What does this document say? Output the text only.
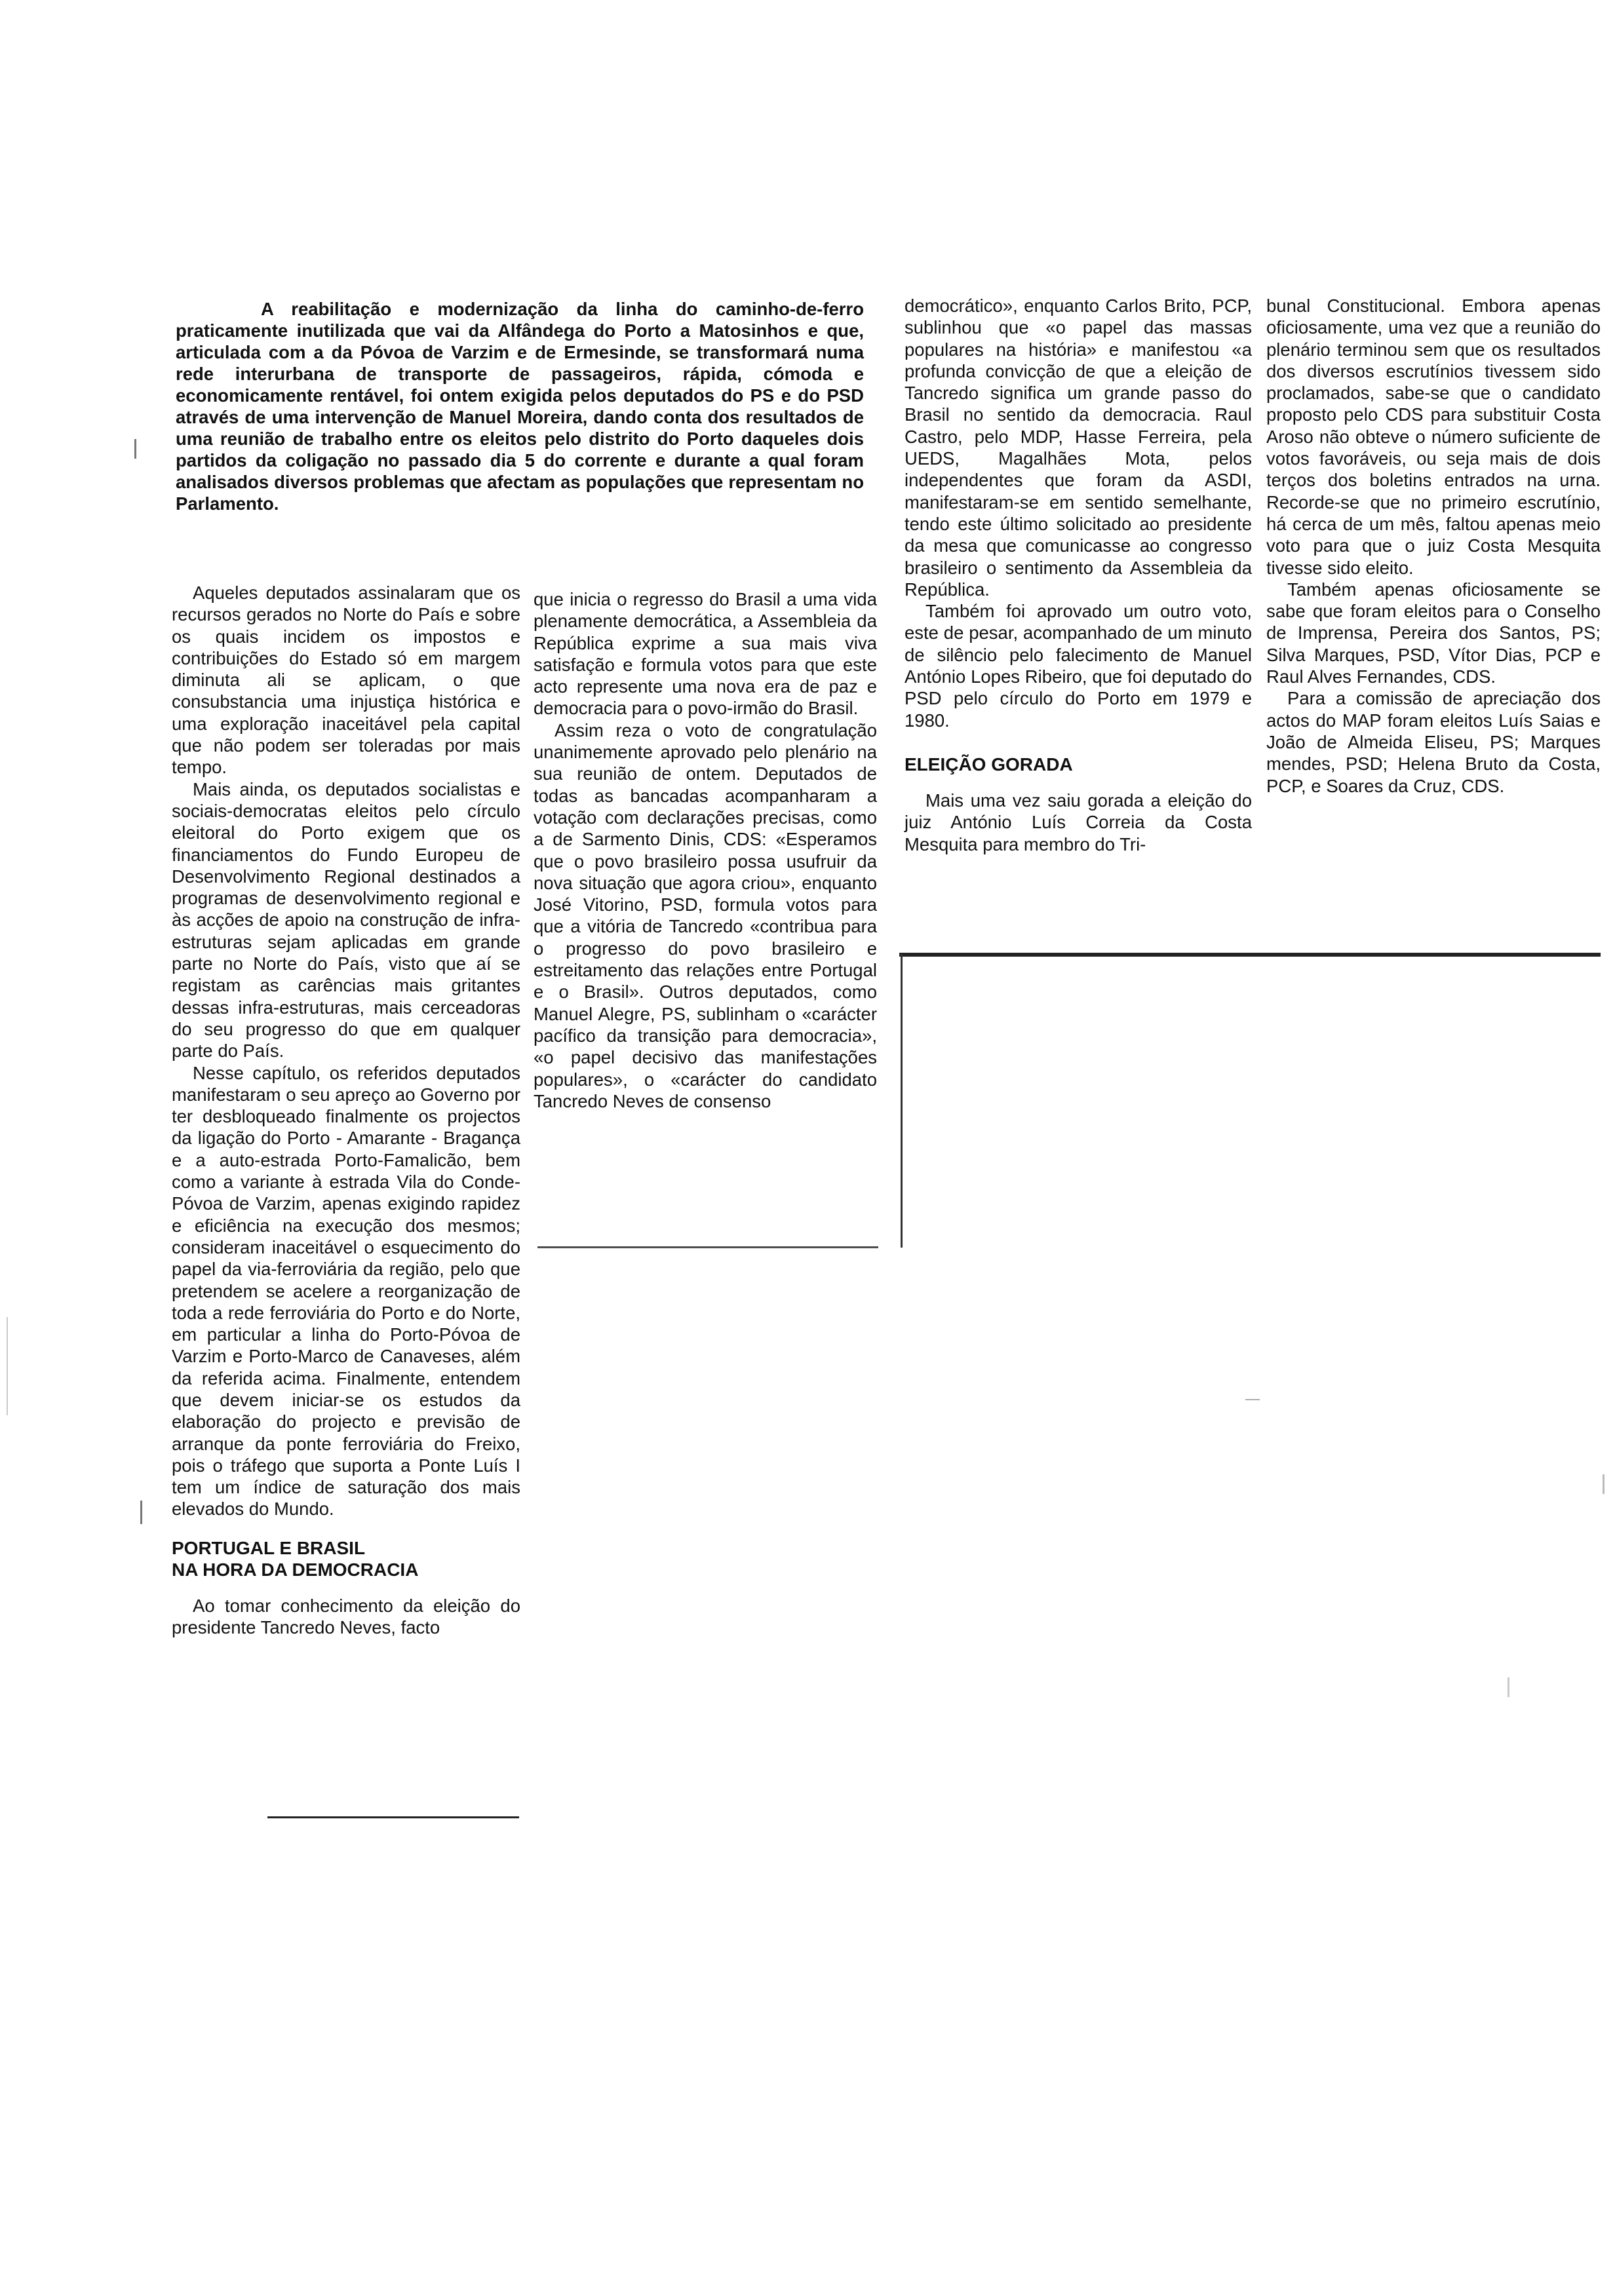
A reabilitação e modernização da linha do caminho-de-ferro praticamente inutilizada que vai da Alfândega do Porto a Matosinhos e que, articulada com a da Póvoa de Varzim e de Ermesinde, se transformará numa rede interurbana de transporte de passageiros, rápida, cómoda e economicamente rentável, foi ontem exigida pelos deputados do PS e do PSD através de uma intervenção de Manuel Moreira, dando conta dos resultados de uma reunião de trabalho entre os eleitos pelo distrito do Porto daqueles dois partidos da coligação no passado dia 5 do corrente e durante a qual foram analisados diversos problemas que afectam as populações que representam no Parlamento.

Aqueles deputados assinalaram que os recursos gerados no Norte do País e sobre os quais incidem os impostos e contribuições do Estado só em margem diminuta ali se aplicam, o que consubstancia uma injustiça histórica e uma exploração inaceitável pela capital que não podem ser toleradas por mais tempo.

Mais ainda, os deputados socialistas e sociais-democratas eleitos pelo círculo eleitoral do Porto exigem que os financiamentos do Fundo Europeu de Desenvolvimento Regional destinados a programas de desenvolvimento regional e às acções de apoio na construção de infra-estruturas sejam aplicadas em grande parte no Norte do País, visto que aí se registam as carências mais gritantes dessas infra-estruturas, mais cerceadoras do seu progresso do que em qualquer parte do País.

Nesse capítulo, os referidos deputados manifestaram o seu apreço ao Governo por ter desbloqueado finalmente os projectos da ligação do Porto - Amarante - Bragança e a auto-estrada Porto-Famalicão, bem como a variante à estrada Vila do Conde-Póvoa de Varzim, apenas exigindo rapidez e eficiência na execução dos mesmos; consideram inaceitável o esquecimento do papel da via-ferroviária da região, pelo que pretendem se acelere a reorganização de toda a rede ferroviária do Porto e do Norte, em particular a linha do Porto-Póvoa de Varzim e Porto-Marco de Canaveses, além da referida acima. Finalmente, entendem que devem iniciar-se os estudos da elaboração do projecto e previsão de arranque da ponte ferroviária do Freixo, pois o tráfego que suporta a Ponte Luís I tem um índice de saturação dos mais elevados do Mundo.

PORTUGAL E BRASIL
NA HORA DA DEMOCRACIA

Ao tomar conhecimento da eleição do presidente Tancredo Neves, facto

que inicia o regresso do Brasil a uma vida plenamente democrática, a Assembleia da República exprime a sua mais viva satisfação e formula votos para que este acto represente uma nova era de paz e democracia para o povo-irmão do Brasil.

Assim reza o voto de congratulação unanimemente aprovado pelo plenário na sua reunião de ontem. Deputados de todas as bancadas acompanharam a votação com declarações precisas, como a de Sarmento Dinis, CDS: «Esperamos que o povo brasileiro possa usufruir da nova situação que agora criou», enquanto José Vitorino, PSD, formula votos para que a vitória de Tancredo «contribua para o progresso do povo brasileiro e estreitamento das relações entre Portugal e o Brasil». Outros deputados, como Manuel Alegre, PS, sublinham o «carácter pacífico da transição para democracia», «o papel decisivo das manifestações populares», o «carácter do candidato Tancredo Neves de consenso

democrático», enquanto Carlos Brito, PCP, sublinhou que «o papel das massas populares na história» e manifestou «a profunda convicção de que a eleição de Tancredo significa um grande passo do Brasil no sentido da democracia. Raul Castro, pelo MDP, Hasse Ferreira, pela UEDS, Magalhães Mota, pelos independentes que foram da ASDI, manifestaram-se em sentido semelhante, tendo este último solicitado ao presidente da mesa que comunicasse ao congresso brasileiro o sentimento da Assembleia da República.

Também foi aprovado um outro voto, este de pesar, acompanhado de um minuto de silêncio pelo falecimento de Manuel António Lopes Ribeiro, que foi deputado do PSD pelo círculo do Porto em 1979 e 1980.

ELEIÇÃO GORADA

Mais uma vez saiu gorada a eleição do juiz António Luís Correia da Costa Mesquita para membro do Tri-

bunal Constitucional. Embora apenas oficiosamente, uma vez que a reunião do plenário terminou sem que os resultados dos diversos escrutínios tivessem sido proclamados, sabe-se que o candidato proposto pelo CDS para substituir Costa Aroso não obteve o número suficiente de votos favoráveis, ou seja mais de dois terços dos boletins entrados na urna. Recorde-se que no primeiro escrutínio, há cerca de um mês, faltou apenas meio voto para que o juiz Costa Mesquita tivesse sido eleito.

Também apenas oficiosamente se sabe que foram eleitos para o Conselho de Imprensa, Pereira dos Santos, PS; Silva Marques, PSD, Vítor Dias, PCP e Raul Alves Fernandes, CDS.

Para a comissão de apreciação dos actos do MAP foram eleitos Luís Saias e João de Almeida Eliseu, PS; Marques mendes, PSD; Helena Bruto da Costa, PCP, e Soares da Cruz, CDS.
